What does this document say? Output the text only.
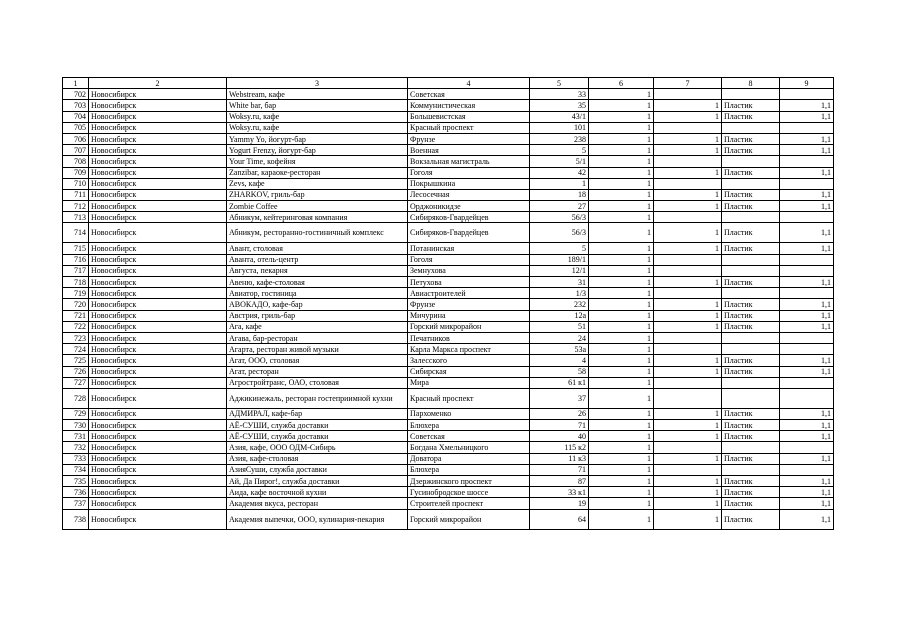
1	2	3	4	5	6	7	8	9
702	Новосибирск	Webstream, кафе	Советская	33	1			
703	Новосибирск	White bar, бар	Коммунистическая	35	1	1	Пластик	1,1
704	Новосибирск	Woksy.ru, кафе	Большевистская	43/1	1	1	Пластик	1,1
705	Новосибирск	Woksy.ru, кафе	Красный проспект	101	1			
706	Новосибирск	Yammy Yo, йогурт-бар	Фрунзе	238	1	1	Пластик	1,1
707	Новосибирск	Yogurt Frenzy, йогурт-бар	Военная	5	1	1	Пластик	1,1
708	Новосибирск	Your Time, кофейня	Вокзальная магистраль	5/1	1			
709	Новосибирск	Zanzibar, караоке-ресторан	Гоголя	42	1	1	Пластик	1,1
710	Новосибирск	Zevs, кафе	Покрышкина	1	1			
711	Новосибирск	ZHARKOV, гриль-бар	Лесосечная	18	1	1	Пластик	1,1
712	Новосибирск	Zombie Coffee	Орджоникидзе	27	1	1	Пластик	1,1
713	Новосибирск	Абникум, кейтеринговая компания	Сибиряков-Гвардейцев	56/3	1			
714	Новосибирск	Абникум, ресторанно-гостиничный комплекс	Сибиряков-Гвардейцев	56/3	1	1	Пластик	1,1
715	Новосибирск	Авант, столовая	Потанинская	5	1	1	Пластик	1,1
716	Новосибирск	Аванта, отель-центр	Гоголя	189/1	1			
717	Новосибирск	Августа, пекарня	Земнухова	12/1	1			
718	Новосибирск	Авеню, кафе-столовая	Петухова	31	1	1	Пластик	1,1
719	Новосибирск	Авиатор, гостиница	Авиастроителей	1/3	1			
720	Новосибирск	АВОКАДО, кафе-бар	Фрунзе	232	1	1	Пластик	1,1
721	Новосибирск	Австрия, гриль-бар	Мичурина	12a	1	1	Пластик	1,1
722	Новосибирск	Ага, кафе	Горский микрорайон	51	1	1	Пластик	1,1
723	Новосибирск	Агава, бар-ресторан	Печатников	24	1			
724	Новосибирск	Агарта, ресторан живой музыки	Карла Маркса проспект	53a	1			
725	Новосибирск	Агат, ООО, столовая	Залесского	4	1	1	Пластик	1,1
726	Новосибирск	Агат, ресторан	Сибирская	58	1	1	Пластик	1,1
727	Новосибирск	Агростройтранс, ОАО, столовая	Мира	61 к1	1			
728	Новосибирск	Аджикинежаль, ресторан гостеприимной кухни	Красный проспект	37	1			
729	Новосибирск	АДМИРАЛ, кафе-бар	Пархоменко	26	1	1	Пластик	1,1
730	Новосибирск	АЁ-СУШИ, служба доставки	Блюхера	71	1	1	Пластик	1,1
731	Новосибирск	АЁ-СУШИ, служба доставки	Советская	40	1	1	Пластик	1,1
732	Новосибирск	Азия, кафе, ООО ОДМ-Сибирь	Богдана Хмельницкого	115 к2	1			
733	Новосибирск	Азия, кафе-столовая	Доватора	11 к3	1	1	Пластик	1,1
734	Новосибирск	АзияСуши, служба доставки	Блюхера	71	1			
735	Новосибирск	Ай, Да Пирог!, служба доставки	Дзержинского проспект	87	1	1	Пластик	1,1
736	Новосибирск	Аида, кафе восточной кухни	Гусинобродское шоссе	33 к1	1	1	Пластик	1,1
737	Новосибирск	Академия вкуса, ресторан	Строителей проспект	19	1	1	Пластик	1,1
738	Новосибирск	Академия выпечки, ООО, кулинария-пекария	Горский микрорайон	64	1	1	Пластик	1,1
